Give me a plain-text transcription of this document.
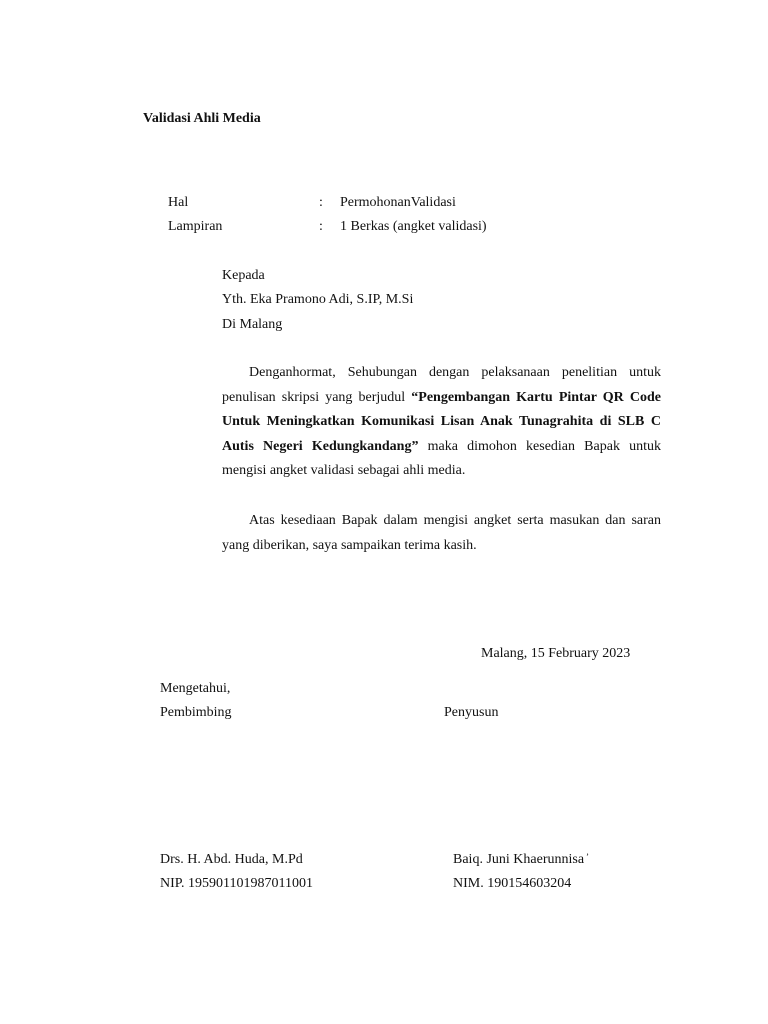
Validasi Ahli Media
Hal	: PermohonanValidasi
Lampiran	: 1 Berkas (angket validasi)
Kepada
Yth. Eka Pramono Adi, S.IP, M.Si
Di Malang
Denganhormat, Sehubungan dengan pelaksanaan penelitian untuk penulisan skripsi yang berjudul “Pengembangan Kartu Pintar QR Code Untuk Meningkatkan Komunikasi Lisan Anak Tunagrahita di SLB C Autis Negeri Kedungkandang” maka dimohon kesedian Bapak untuk mengisi angket validasi sebagai ahli media.
Atas kesediaan Bapak dalam mengisi angket serta masukan dan saran yang diberikan, saya sampaikan terima kasih.
Malang, 15 February 2023
Mengetahui,
Pembimbing	Penyusun
Drs. H. Abd. Huda, M.Pd	Baiq. Juni Khaerunnisa ’
NIP. 195901101987011001	NIM. 190154603204
